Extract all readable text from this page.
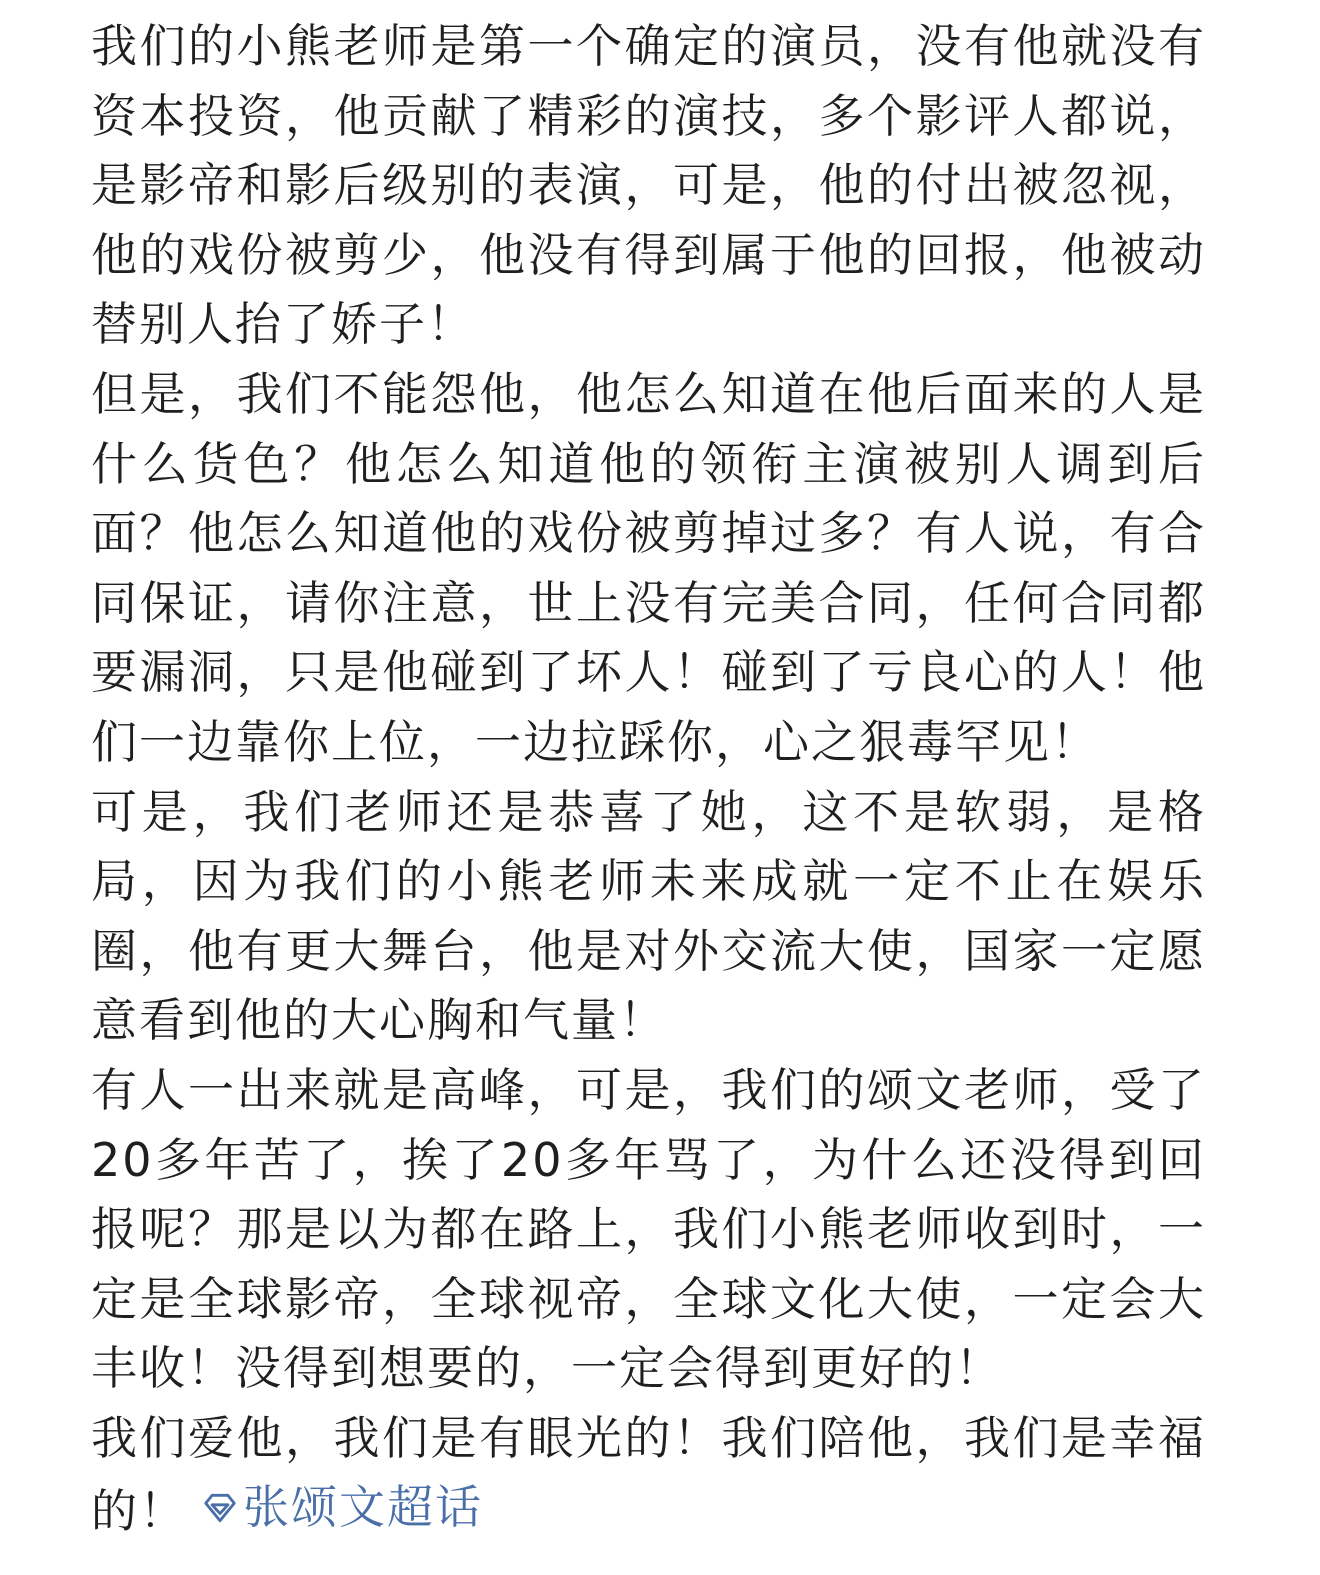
我们的小熊老师是第一个确定的演员，没有他就没有资本投资，他贡献了精彩的演技，多个影评人都说，是影帝和影后级别的表演，可是，他的付出被忽视，他的戏份被剪少，他没有得到属于他的回报，他被动替别人抬了娇子！

但是，我们不能怨他，他怎么知道在他后面来的人是什么货色？他怎么知道他的领衔主演被别人调到后面？他怎么知道他的戏份被剪掉过多？有人说，有合同保证，请你注意，世上没有完美合同，任何合同都要漏洞，只是他碰到了坏人！碰到了亏良心的人！他们一边靠你上位，一边拉踩你，心之狠毒罕见！

可是，我们老师还是恭喜了她，这不是软弱，是格局，因为我们的小熊老师未来成就一定不止在娱乐圈，他有更大舞台，他是对外交流大使，国家一定愿意看到他的大心胸和气量！

有人一出来就是高峰，可是，我们的颂文老师，受了 20多年苦了，挨了20多年骂了，为什么还没得到回报呢？那是以为都在路上，我们小熊老师收到时，一定是全球影帝，全球视帝，全球文化大使，一定会大丰收！没得到想要的，一定会得到更好的！

我们爱他，我们是有眼光的！我们陪他，我们是幸福的！ 张颂文超话
